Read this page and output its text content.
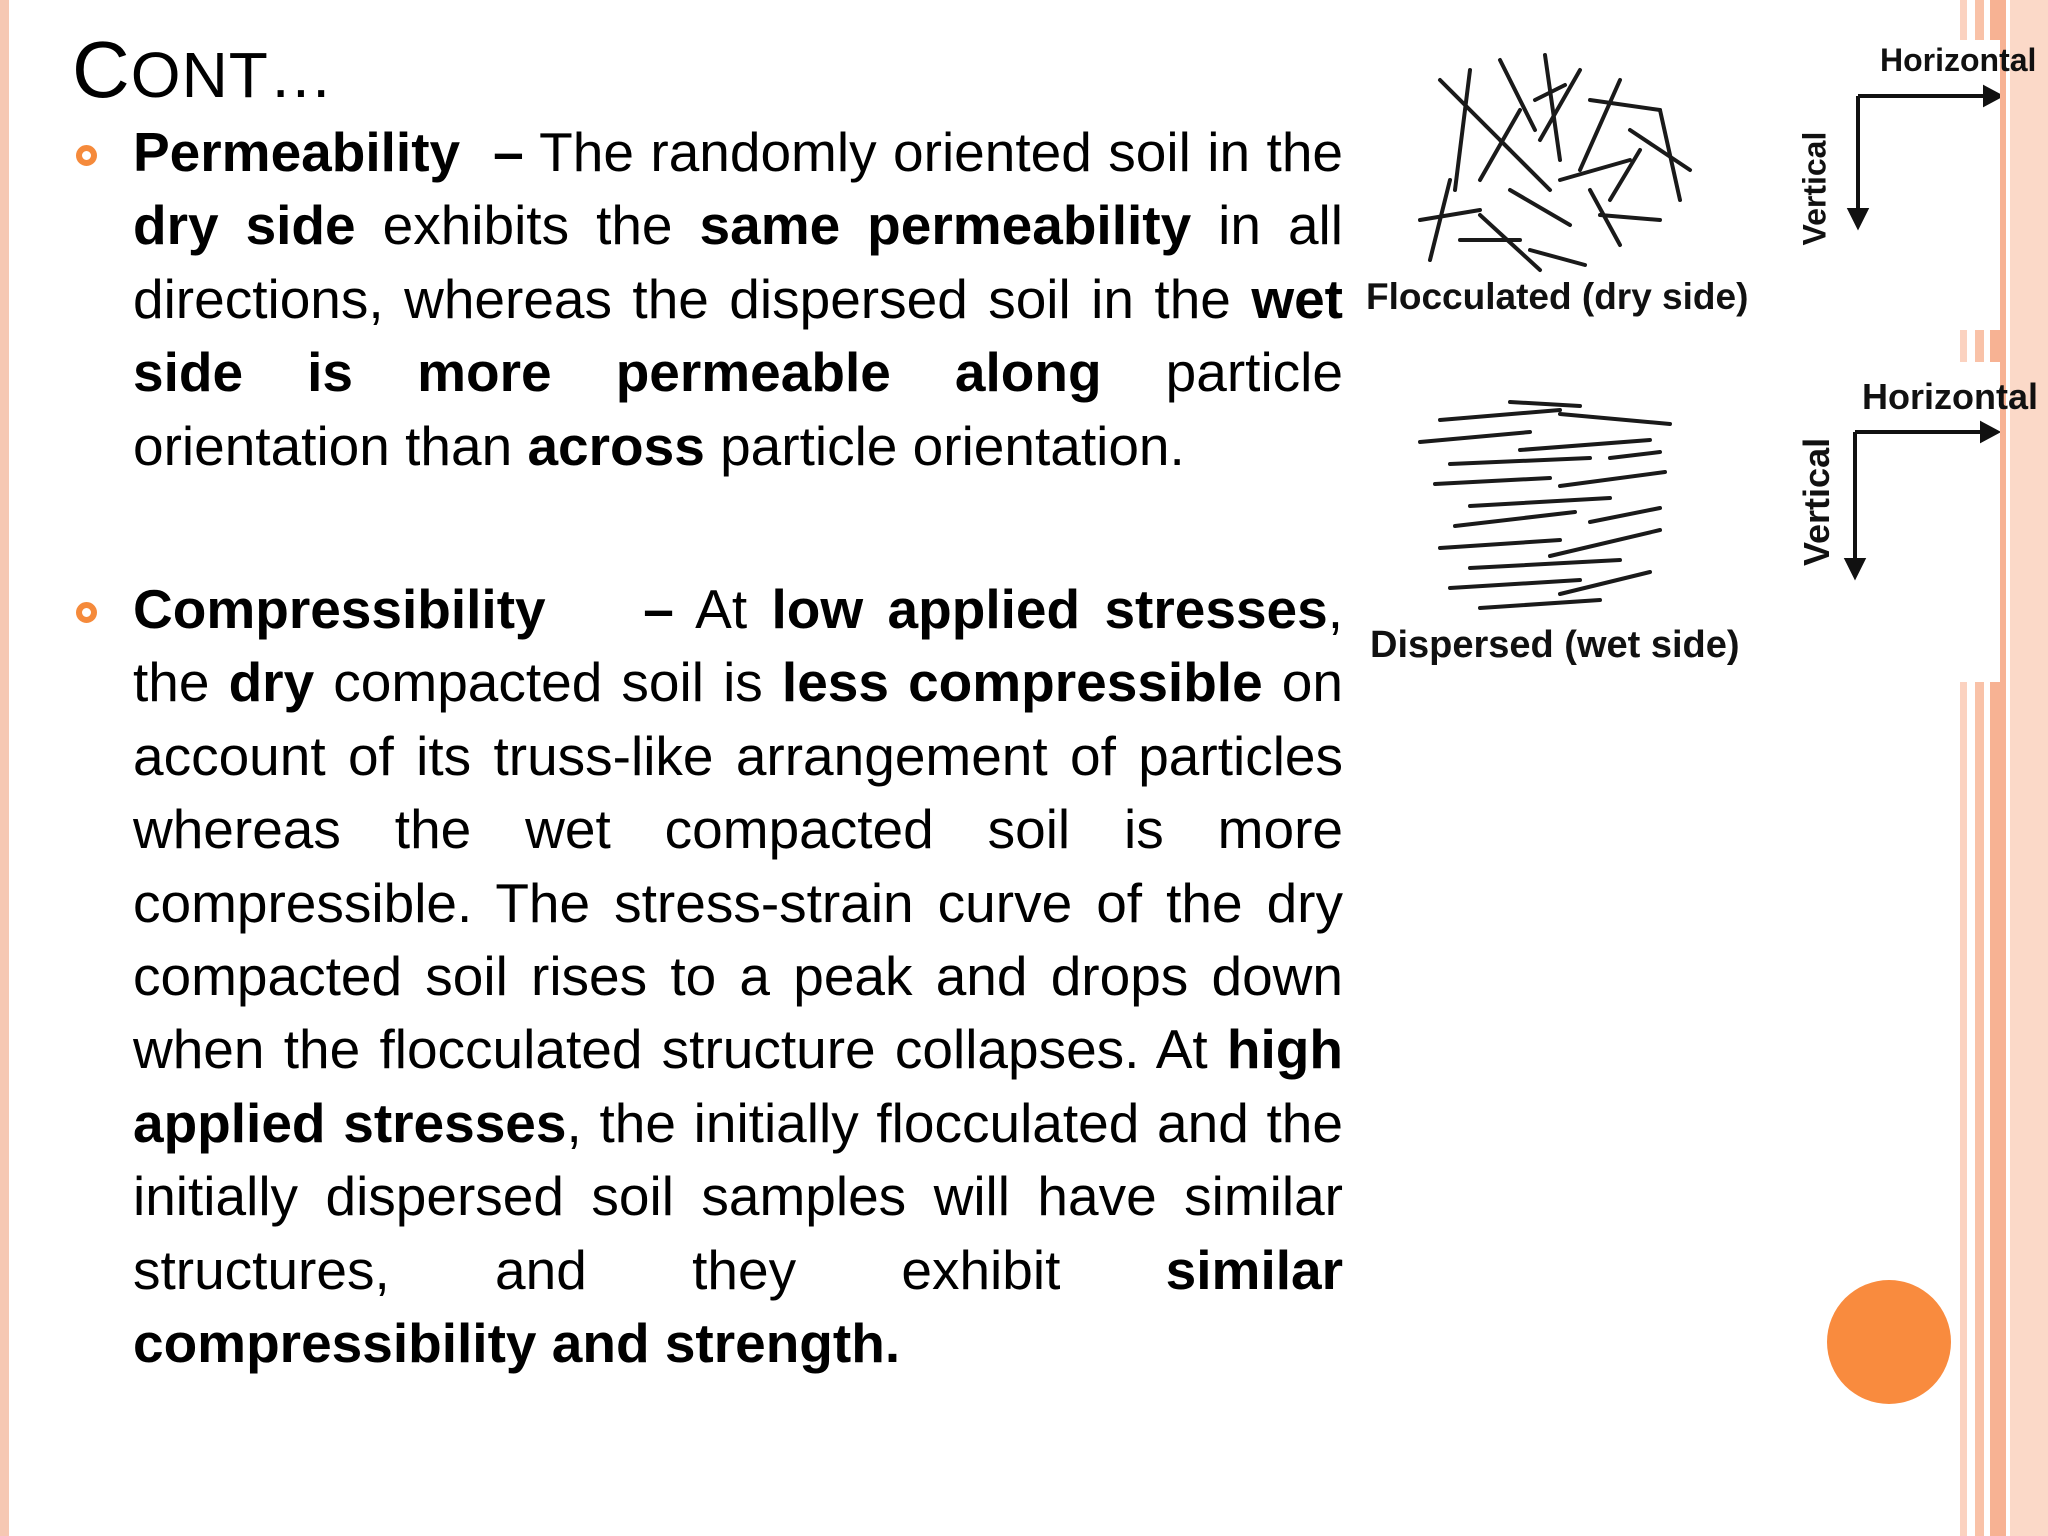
CONT…

Permeability – The randomly oriented soil in the dry side exhibits the same permeability in all directions, whereas the dispersed soil in the wet side is more permeable along particle orientation than across particle orientation.

Compressibility – At low applied stresses, the dry compacted soil is less compressible on account of its truss-like arrangement of particles whereas the wet compacted soil is more compressible. The stress-strain curve of the dry compacted soil rises to a peak and drops down when the flocculated structure collapses. At high applied stresses, the initially flocculated and the initially dispersed soil samples will have similar structures, and they exhibit similar compressibility and strength.

Flocculated (dry side)
Horizontal
Vertical
Dispersed (wet side)
Horizontal
Vertical
